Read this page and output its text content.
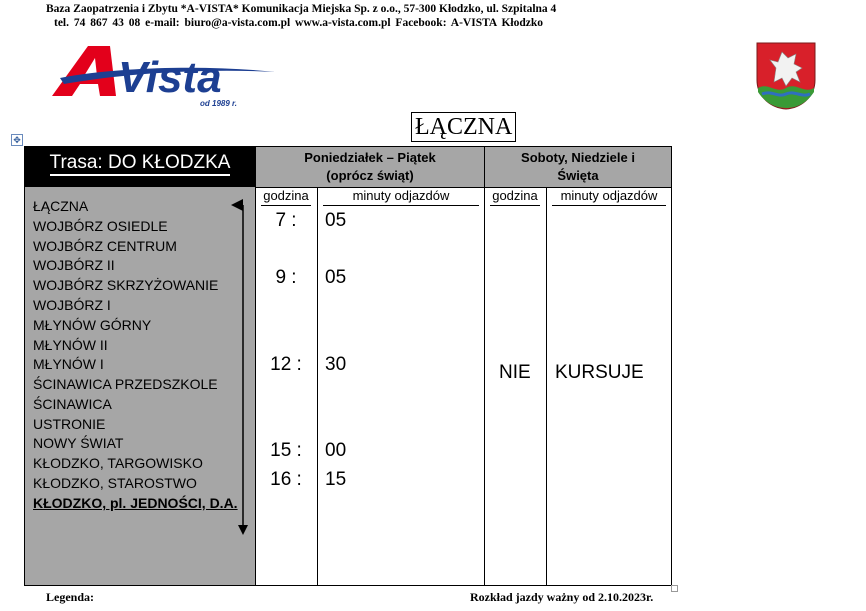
Baza Zaopatrzenia i Zbytu *A-VISTA* Komunikacja Miejska Sp. z o.o., 57-300 Kłodzko, ul. Szpitalna 4
tel. 74 867 43 08 e-mail: biuro@a-vista.com.pl www.a-vista.com.pl Facebook: A-VISTA Kłodzko
Vista
od 1989 r.
ŁĄCZNA
✥
Trasa: DO KŁODZKA
ŁĄCZNA
WOJBÓRZ OSIEDLE
WOJBÓRZ CENTRUM
WOJBÓRZ II
WOJBÓRZ SKRZYŻOWANIE
WOJBÓRZ I
MŁYNÓW GÓRNY
MŁYNÓW II
MŁYNÓW I
ŚCINAWICA PRZEDSZKOLE
ŚCINAWICA
USTRONIE
NOWY ŚWIAT
KŁODZKO, TARGOWISKO
KŁODZKO, STAROSTWO
KŁODZKO, pl. JEDNOŚCI, D.A.
Poniedziałek – Piątek
(oprócz świąt)
Soboty, Niedziele i
Święta
godzina	minuty odjazdów	godzina	minuty odjazdów
7 :	05
9 :	05
12 :	30
15 :	00
16 :	15
NIE KURSUJE
Legenda:	Rozkład jazdy ważny od 2.10.2023r.
